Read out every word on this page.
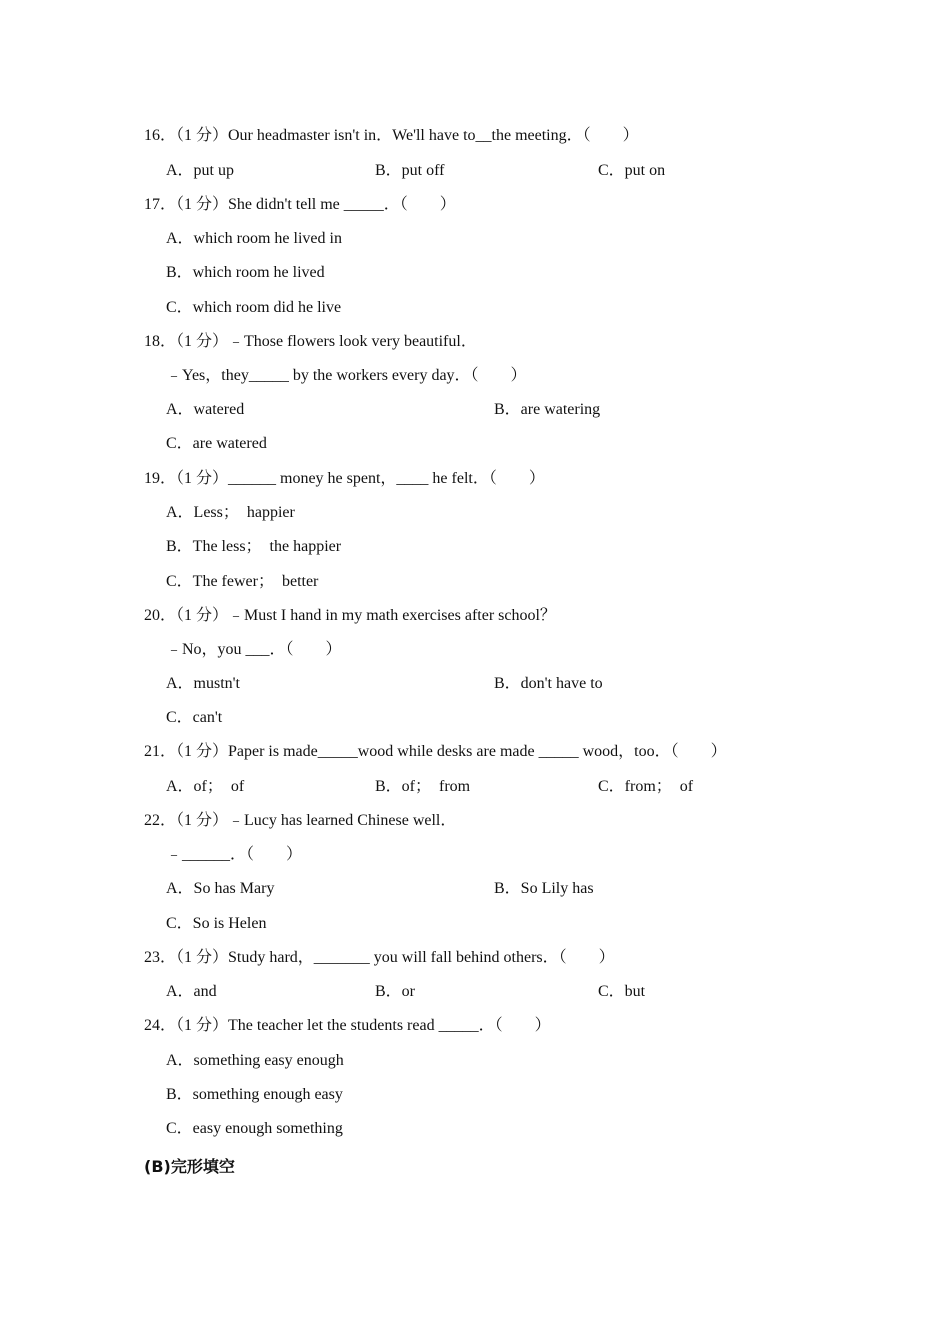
16．（1 分）Our headmaster isn't in．We'll have to__the meeting．（　　）
A．put up	B．put off	C．put on
17．（1 分）She didn't tell me _____．（　　）
A．which room he lived in
B．which room he lived
C．which room did he live
18．（1 分）﹣Those flowers look very beautiful．
﹣Yes，they_____ by the workers every day．（　　）
A．watered	B．are watering
C．are watered
19．（1 分）______ money he spent，____ he felt．（　　）
A．Less；  happier
B．The less；  the happier
C．The fewer；  better
20．（1 分）﹣Must I hand in my math exercises after school？
﹣No，you ___．（　　）
A．mustn't	B．don't have to
C．can't
21．（1 分）Paper is made_____wood while desks are made _____ wood，too．（　　）
A．of；  of	B．of；  from	C．from；  of
22．（1 分）﹣Lucy has learned Chinese well．
﹣______．（　　）
A．So has Mary	B．So Lily has
C．So is Helen
23．（1 分）Study hard，_______ you will fall behind others．（　　）
A．and	B．or	C．but
24．（1 分）The teacher let the students read _____．（　　）
A．something easy enough
B．something enough easy
C．easy enough something
(B)完形填空
